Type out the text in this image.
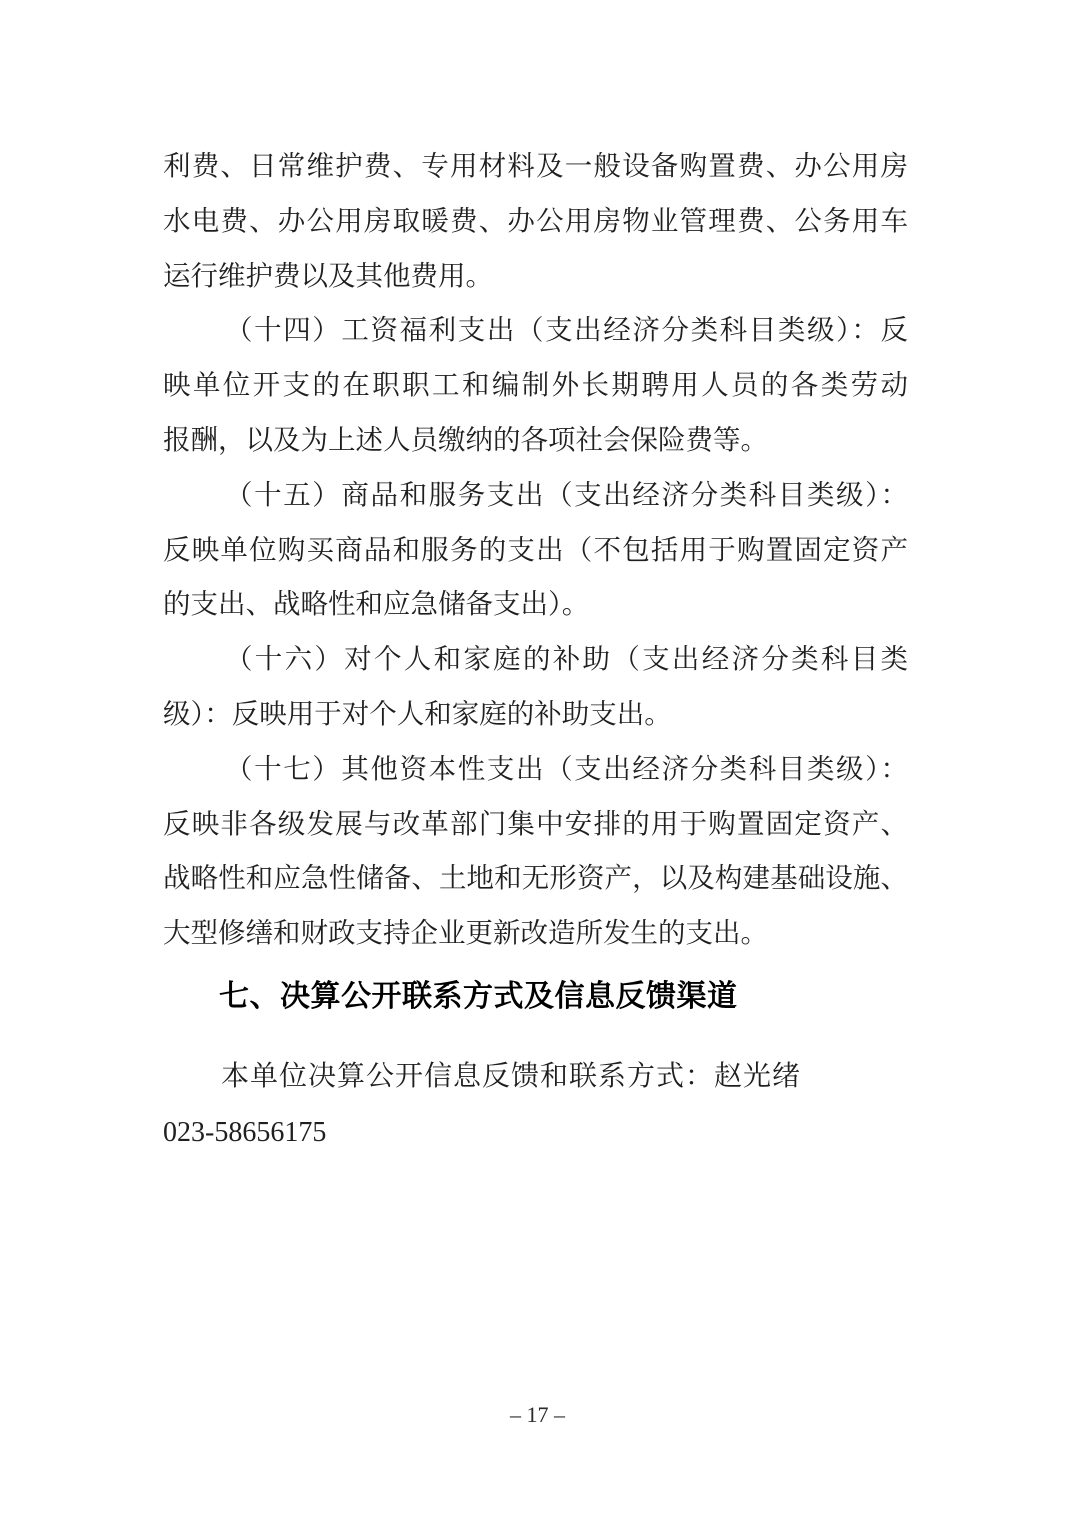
利费、日常维护费、专用材料及一般设备购置费、办公用房
水电费、办公用房取暖费、办公用房物业管理费、公务用车
运行维护费以及其他费用。
（十四）工资福利支出（支出经济分类科目类级）：反
映单位开支的在职职工和编制外长期聘用人员的各类劳动
报酬，以及为上述人员缴纳的各项社会保险费等。
（十五）商品和服务支出（支出经济分类科目类级）：
反映单位购买商品和服务的支出（不包括用于购置固定资产
的支出、战略性和应急储备支出）。
（十六）对个人和家庭的补助（支出经济分类科目类
级）：反映用于对个人和家庭的补助支出。
（十七）其他资本性支出（支出经济分类科目类级）：
反映非各级发展与改革部门集中安排的用于购置固定资产、
战略性和应急性储备、土地和无形资产，以及构建基础设施、
大型修缮和财政支持企业更新改造所发生的支出。
七、决算公开联系方式及信息反馈渠道
本单位决算公开信息反馈和联系方式：赵光绪
023-58656175
– 17 –
